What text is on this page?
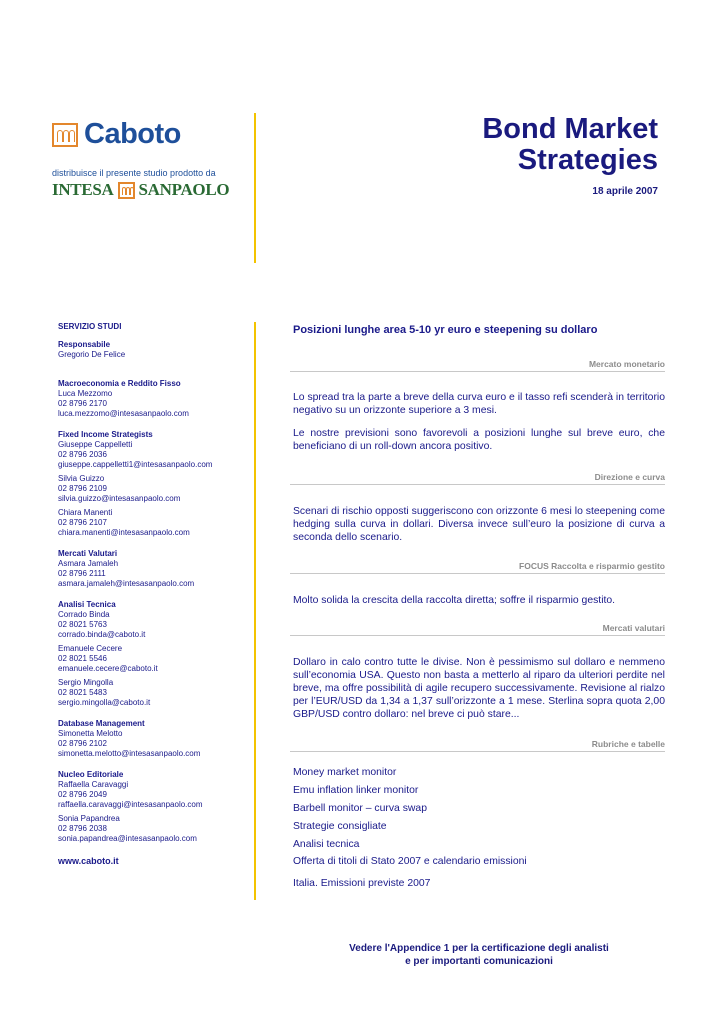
Caboto
distribuisce il presente studio prodotto da
INTESA SANPAOLO
Bond Market
Strategies
18 aprile 2007
SERVIZIO STUDI
Responsabile
Gregorio De Felice
Macroeconomia e Reddito Fisso
Luca Mezzomo
02 8796 2170
luca.mezzomo@intesasanpaolo.com
Fixed Income Strategists
Giuseppe Cappelletti
02 8796 2036
giuseppe.cappelletti1@intesasanpaolo.com
Silvia Guizzo
02 8796 2109
silvia.guizzo@intesasanpaolo.com
Chiara Manenti
02 8796 2107
chiara.manenti@intesasanpaolo.com
Mercati Valutari
Asmara Jamaleh
02 8796 2111
asmara.jamaleh@intesasanpaolo.com
Analisi Tecnica
Corrado Binda
02 8021 5763
corrado.binda@caboto.it
Emanuele Cecere
02 8021 5546
emanuele.cecere@caboto.it
Sergio Mingolla
02 8021 5483
sergio.mingolla@caboto.it
Database Management
Simonetta Melotto
02 8796 2102
simonetta.melotto@intesasanpaolo.com
Nucleo Editoriale
Raffaella Caravaggi
02 8796 2049
raffaella.caravaggi@intesasanpaolo.com
Sonia Papandrea
02 8796 2038
sonia.papandrea@intesasanpaolo.com
www.caboto.it
Posizioni lunghe area 5-10 yr euro e steepening su dollaro
Mercato monetario
Lo spread tra la parte a breve della curva euro e il tasso refi scenderà in territorio negativo su un orizzonte superiore a 3 mesi.
Le nostre previsioni sono favorevoli a posizioni lunghe sul breve euro, che beneficiano di un roll-down ancora positivo.
Direzione e curva
Scenari di rischio opposti suggeriscono con orizzonte 6 mesi lo steepening come hedging sulla curva in dollari. Diversa invece sull’euro la posizione di curva a seconda dello scenario.
FOCUS Raccolta e risparmio gestito
Molto solida la crescita della raccolta diretta; soffre il risparmio gestito.
Mercati valutari
Dollaro in calo contro tutte le divise. Non è pessimismo sul dollaro e nemmeno sull’economia USA. Questo non basta a metterlo al riparo da ulteriori perdite nel breve, ma offre possibilità di agile recupero successivamente. Revisione al rialzo per l’EUR/USD da 1,34 a 1,37 sull’orizzonte a 1 mese. Sterlina sopra quota 2,00 GBP/USD contro dollaro: nel breve ci può stare...
Rubriche e tabelle
Money market monitor
Emu inflation linker monitor
Barbell monitor – curva swap
Strategie consigliate
Analisi tecnica
Offerta di titoli di Stato 2007 e calendario emissioni
Italia. Emissioni previste 2007
Vedere l'Appendice 1 per la certificazione degli analisti
e per importanti comunicazioni
